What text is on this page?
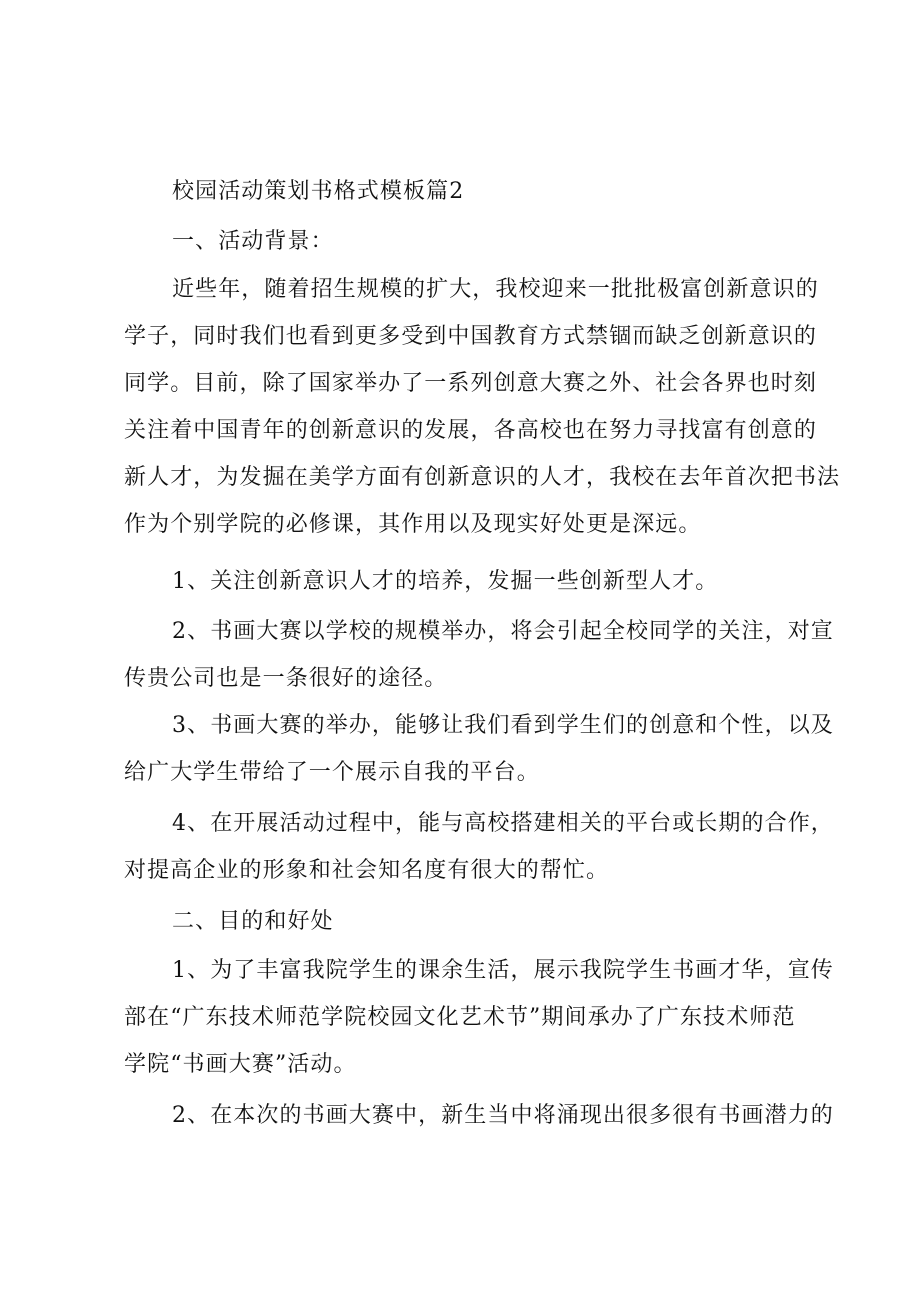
校园活动策划书格式模板篇2
一、活动背景：
近些年，随着招生规模的扩大，我校迎来一批批极富创新意识的
学子，同时我们也看到更多受到中国教育方式禁锢而缺乏创新意识的
同学。目前，除了国家举办了一系列创意大赛之外、社会各界也时刻
关注着中国青年的创新意识的发展，各高校也在努力寻找富有创意的
新人才，为发掘在美学方面有创新意识的人才，我校在去年首次把书法
作为个别学院的必修课，其作用以及现实好处更是深远。
1、关注创新意识人才的培养，发掘一些创新型人才。
2、书画大赛以学校的规模举办，将会引起全校同学的关注，对宣
传贵公司也是一条很好的途径。
3、书画大赛的举办，能够让我们看到学生们的创意和个性，以及
给广大学生带给了一个展示自我的平台。
4、在开展活动过程中，能与高校搭建相关的平台或长期的合作，
对提高企业的形象和社会知名度有很大的帮忙。
二、目的和好处
1、为了丰富我院学生的课余生活，展示我院学生书画才华，宣传
部在“广东技术师范学院校园文化艺术节”期间承办了广东技术师范
学院“书画大赛”活动。
2、在本次的书画大赛中，新生当中将涌现出很多很有书画潜力的
